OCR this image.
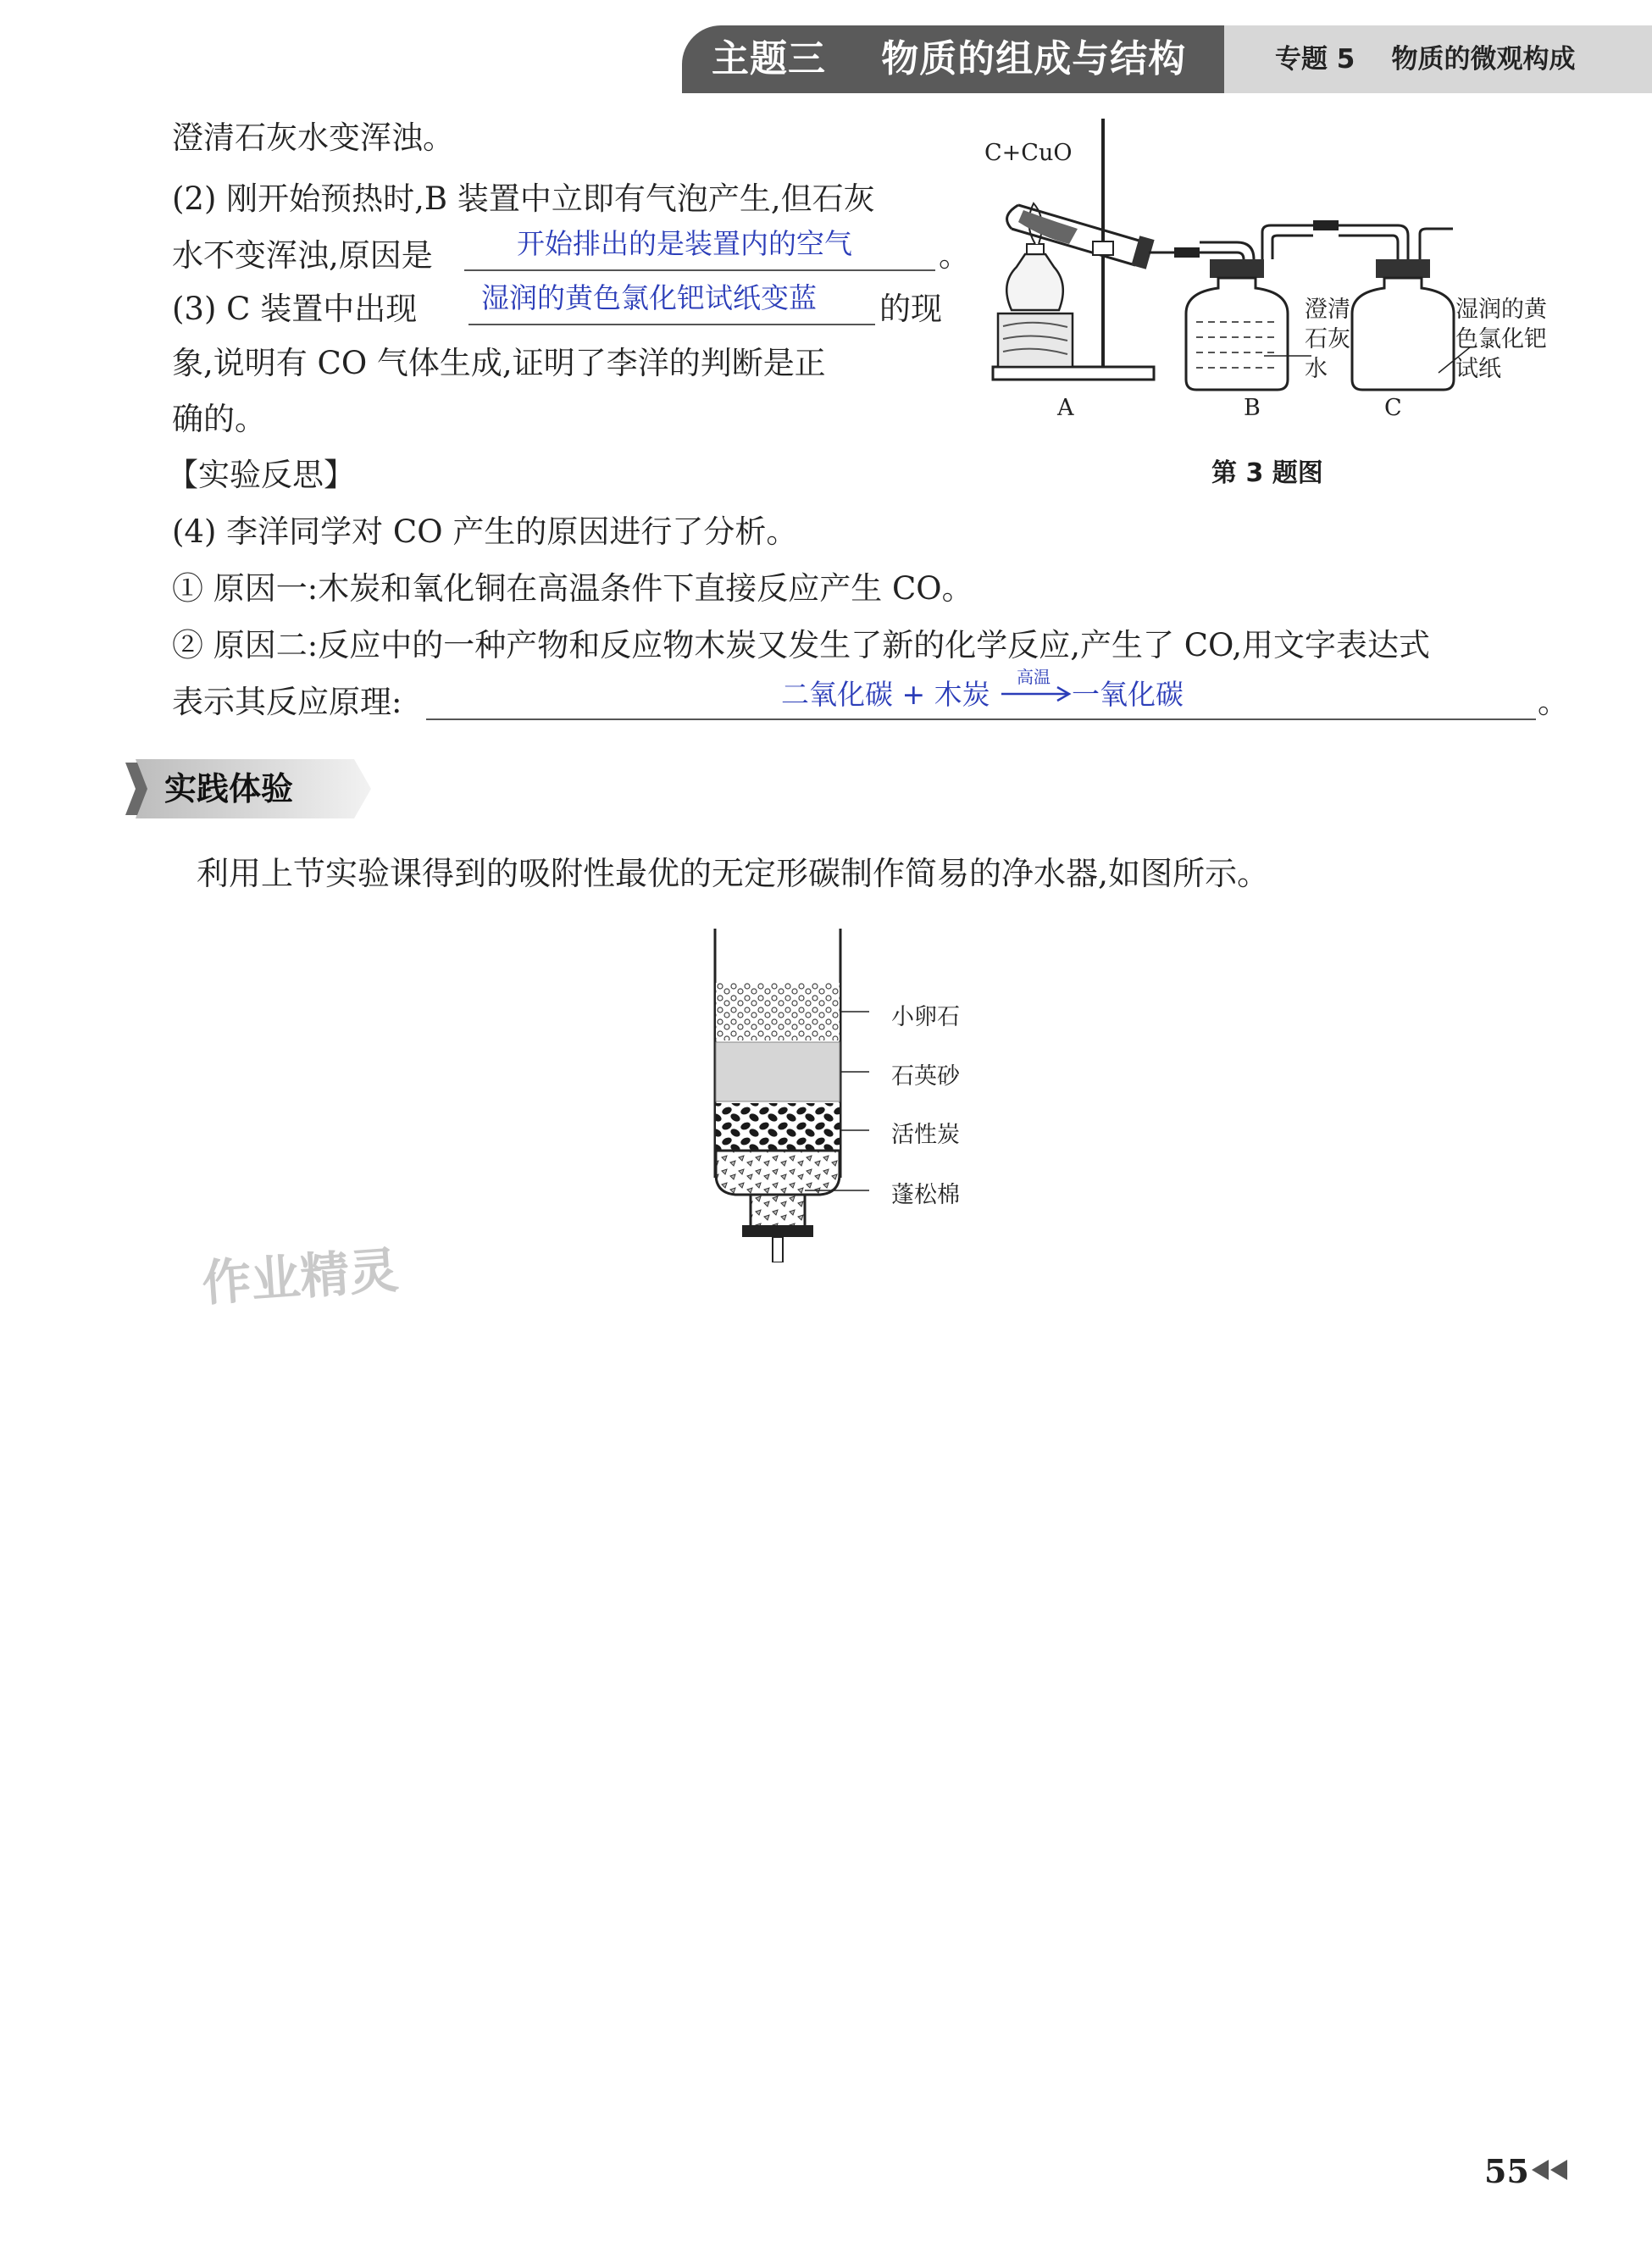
主题三    物质的组成与结构	专题 5    物质的微观构成
澄清石灰水变浑浊。
(2) 刚开始预热时,B 装置中立即有气泡产生,但石灰
水不变浑浊,原因是	开始排出的是装置内的空气	。
(3) C 装置中出现 湿润的黄色氯化钯试纸变蓝 的现
象,说明有 CO 气体生成,证明了李洋的判断是正
确的。
【实验反思】
(4) 李洋同学对 CO 产生的原因进行了分析。
① 原因一:木炭和氧化铜在高温条件下直接反应产生 CO。
② 原因二:反应中的一种产物和反应物木炭又发生了新的化学反应,产生了 CO,用文字表达式
表示其反应原理:	。
二氧化碳 + 木炭
高温
一氧化碳
C+CuO
A	B	C
澄清
石灰
水
湿润的黄
色氯化钯
试纸
第 3 题图
实践体验
利用上节实验课得到的吸附性最优的无定形碳制作简易的净水器,如图所示。
小卵石
石英砂
活性炭
蓬松棉
作业精灵
55
